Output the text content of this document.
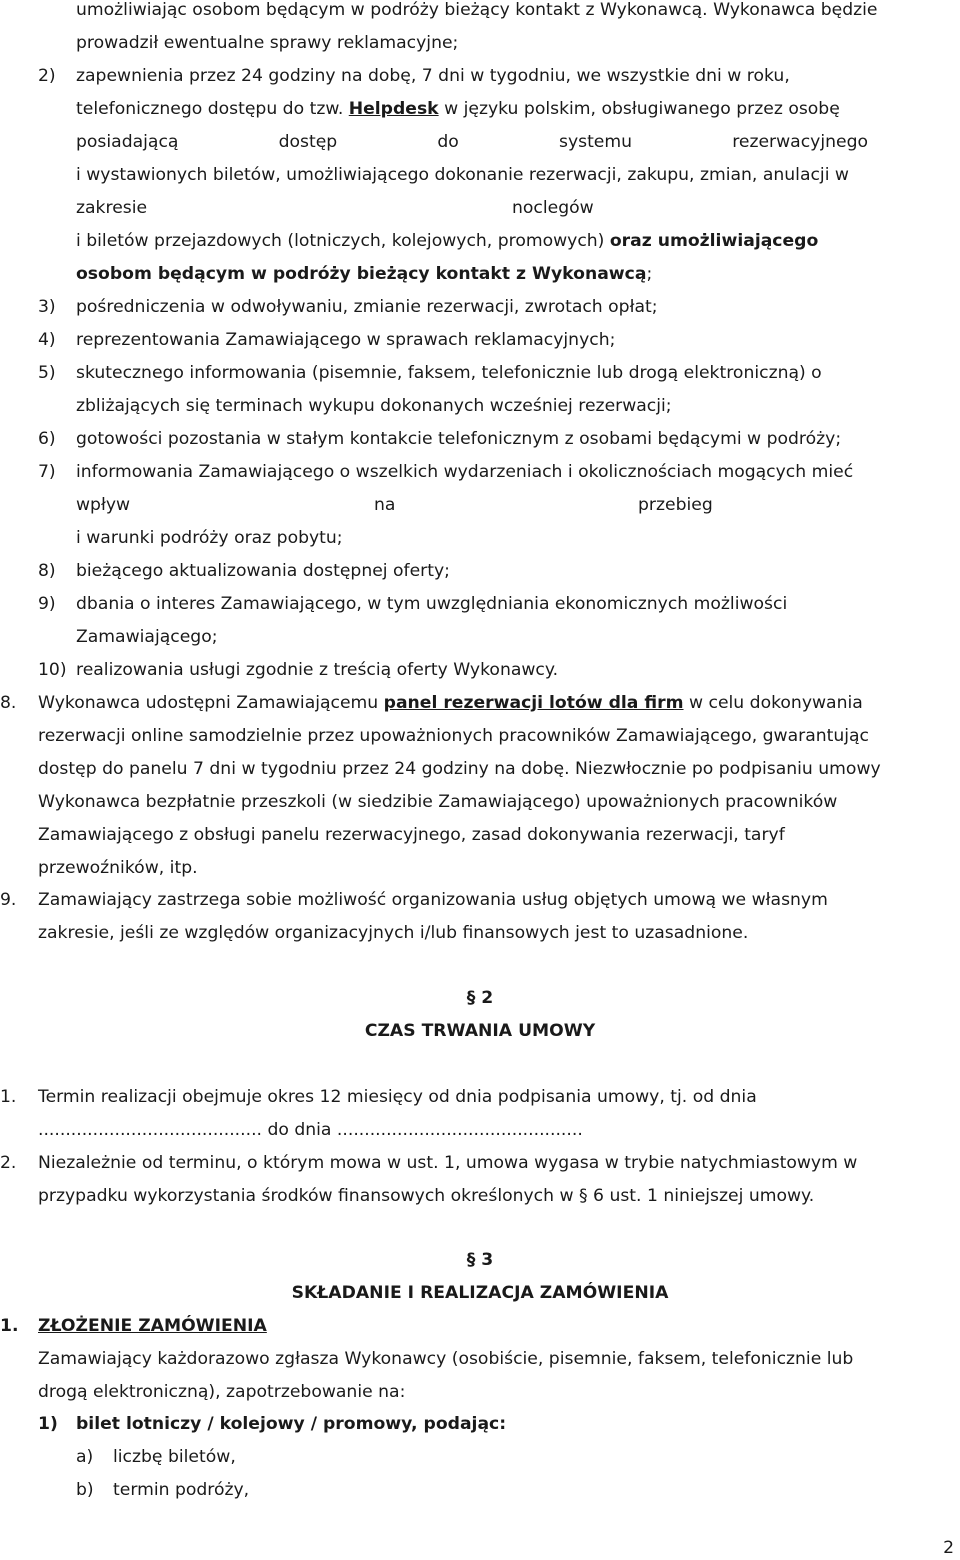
umożliwiając osobom będącym w podróży bieżący kontakt z Wykonawcą. Wykonawca będzie
prowadził ewentualne sprawy reklamacyjne;
2) zapewnienia przez 24 godziny na dobę, 7 dni w tygodniu, we wszystkie dni w roku,
telefonicznego dostępu do tzw. Helpdesk w języku polskim, obsługiwanego przez osobę
posiadającą	dostęp	do	systemu	rezerwacyjnego
i wystawionych biletów, umożliwiającego dokonanie rezerwacji, zakupu, zmian, anulacji w
zakresie	noclegów
i biletów przejazdowych (lotniczych, kolejowych, promowych) oraz umożliwiającego
osobom będącym w podróży bieżący kontakt z Wykonawcą;
3) pośredniczenia w odwoływaniu, zmianie rezerwacji, zwrotach opłat;
4) reprezentowania Zamawiającego w sprawach reklamacyjnych;
5) skutecznego informowania (pisemnie, faksem, telefonicznie lub drogą elektroniczną) o
zbliżających się terminach wykupu dokonanych wcześniej rezerwacji;
6) gotowości pozostania w stałym kontakcie telefonicznym z osobami będącymi w podróży;
7) informowania Zamawiającego o wszelkich wydarzeniach i okolicznościach mogących mieć
wpływ	na	przebieg
i warunki podróży oraz pobytu;
8) bieżącego aktualizowania dostępnej oferty;
9) dbania o interes Zamawiającego, w tym uwzględniania ekonomicznych możliwości
Zamawiającego;
10) realizowania usługi zgodnie z treścią oferty Wykonawcy.
8. Wykonawca udostępni Zamawiającemu panel rezerwacji lotów dla firm w celu dokonywania
rezerwacji online samodzielnie przez upoważnionych pracowników Zamawiającego, gwarantując
dostęp do panelu 7 dni w tygodniu przez 24 godziny na dobę. Niezwłocznie po podpisaniu umowy
Wykonawca bezpłatnie przeszkoli (w siedzibie Zamawiającego) upoważnionych pracowników
Zamawiającego z obsługi panelu rezerwacyjnego, zasad dokonywania rezerwacji, taryf
przewoźników, itp.
9. Zamawiający zastrzega sobie możliwość organizowania usług objętych umową we własnym
zakresie, jeśli ze względów organizacyjnych i/lub finansowych jest to uzasadnione.
§ 2
CZAS TRWANIA UMOWY
1. Termin realizacji obejmuje okres 12 miesięcy od dnia podpisania umowy, tj. od dnia
......................................... do dnia .............................................
2. Niezależnie od terminu, o którym mowa w ust. 1, umowa wygasa w trybie natychmiastowym w
przypadku wykorzystania środków finansowych określonych w § 6 ust. 1 niniejszej umowy.
§ 3
SKŁADANIE I REALIZACJA ZAMÓWIENIA
1. ZŁOŻENIE ZAMÓWIENIA
Zamawiający każdorazowo zgłasza Wykonawcy (osobiście, pisemnie, faksem, telefonicznie lub
drogą elektroniczną), zapotrzebowanie na:
1) bilet lotniczy / kolejowy / promowy, podając:
a) liczbę biletów,
b) termin podróży,
2
